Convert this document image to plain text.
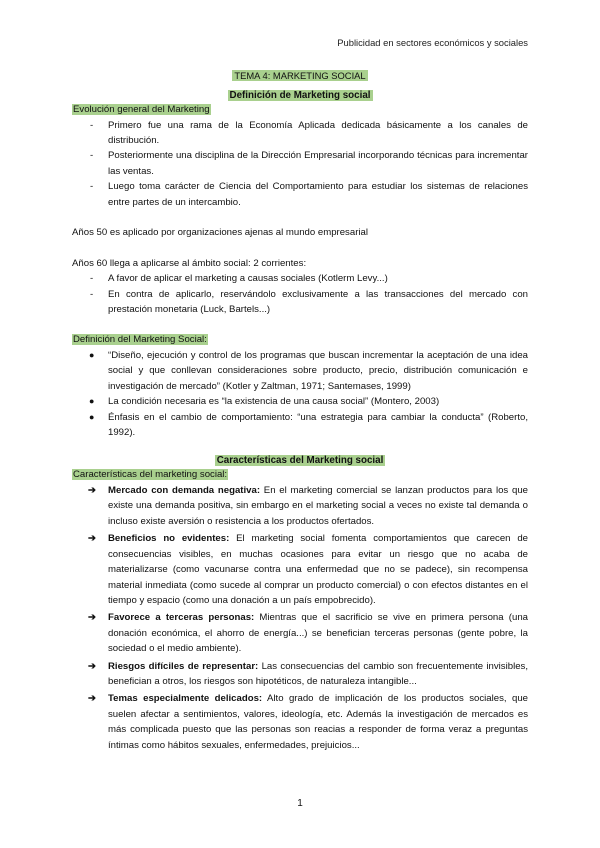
Publicidad en sectores económicos y sociales
TEMA 4: MARKETING SOCIAL
Definición de Marketing social
Evolución general del Marketing
- Primero fue una rama de la Economía Aplicada dedicada básicamente a los canales de distribución.
- Posteriormente una disciplina de la Dirección Empresarial incorporando técnicas para incrementar las ventas.
- Luego toma carácter de Ciencia del Comportamiento para estudiar los sistemas de relaciones entre partes de un intercambio.
Años 50 es aplicado por organizaciones ajenas al mundo empresarial
Años 60 llega a aplicarse al ámbito social: 2 corrientes:
- A favor de aplicar el marketing a causas sociales (Kotlerm Levy...)
- En contra de aplicarlo, reservándolo exclusivamente a las transacciones del mercado con prestación monetaria (Luck, Bartels...)
Definición del Marketing Social:
● “Diseño, ejecución y control de los programas que buscan incrementar la aceptación de una idea social y que conllevan consideraciones sobre producto, precio, distribución comunicación e investigación de mercado” (Kotler y Zaltman, 1971; Santemases, 1999)
● La condición necesaria es “la existencia de una causa social” (Montero, 2003)
● Énfasis en el cambio de comportamiento: “una estrategia para cambiar la conducta” (Roberto, 1992).
Características del Marketing social
Características del marketing social:
➔ Mercado con demanda negativa: En el marketing comercial se lanzan productos para los que existe una demanda positiva, sin embargo en el marketing social a veces no existe tal demanda o incluso existe aversión o resistencia a los productos ofertados.
➔ Beneficios no evidentes: El marketing social fomenta comportamientos que carecen de consecuencias visibles, en muchas ocasiones para evitar un riesgo que no acaba de materializarse (como vacunarse contra una enfermedad que no se padece), sin recompensa material inmediata (como sucede al comprar un producto comercial) o con efectos distantes en el tiempo y espacio (como una donación a un país empobrecido).
➔ Favorece a terceras personas: Mientras que el sacrificio se vive en primera persona (una donación económica, el ahorro de energía...) se benefician terceras personas (gente pobre, la sociedad o el medio ambiente).
➔ Riesgos difíciles de representar: Las consecuencias del cambio son frecuentemente invisibles, benefician a otros, los riesgos son hipotéticos, de naturaleza intangible...
➔ Temas especialmente delicados: Alto grado de implicación de los productos sociales, que suelen afectar a sentimientos, valores, ideología, etc. Además la investigación de mercados es más complicada puesto que las personas son reacias a responder de forma veraz a preguntas íntimas como hábitos sexuales, enfermedades, prejuicios...
1
